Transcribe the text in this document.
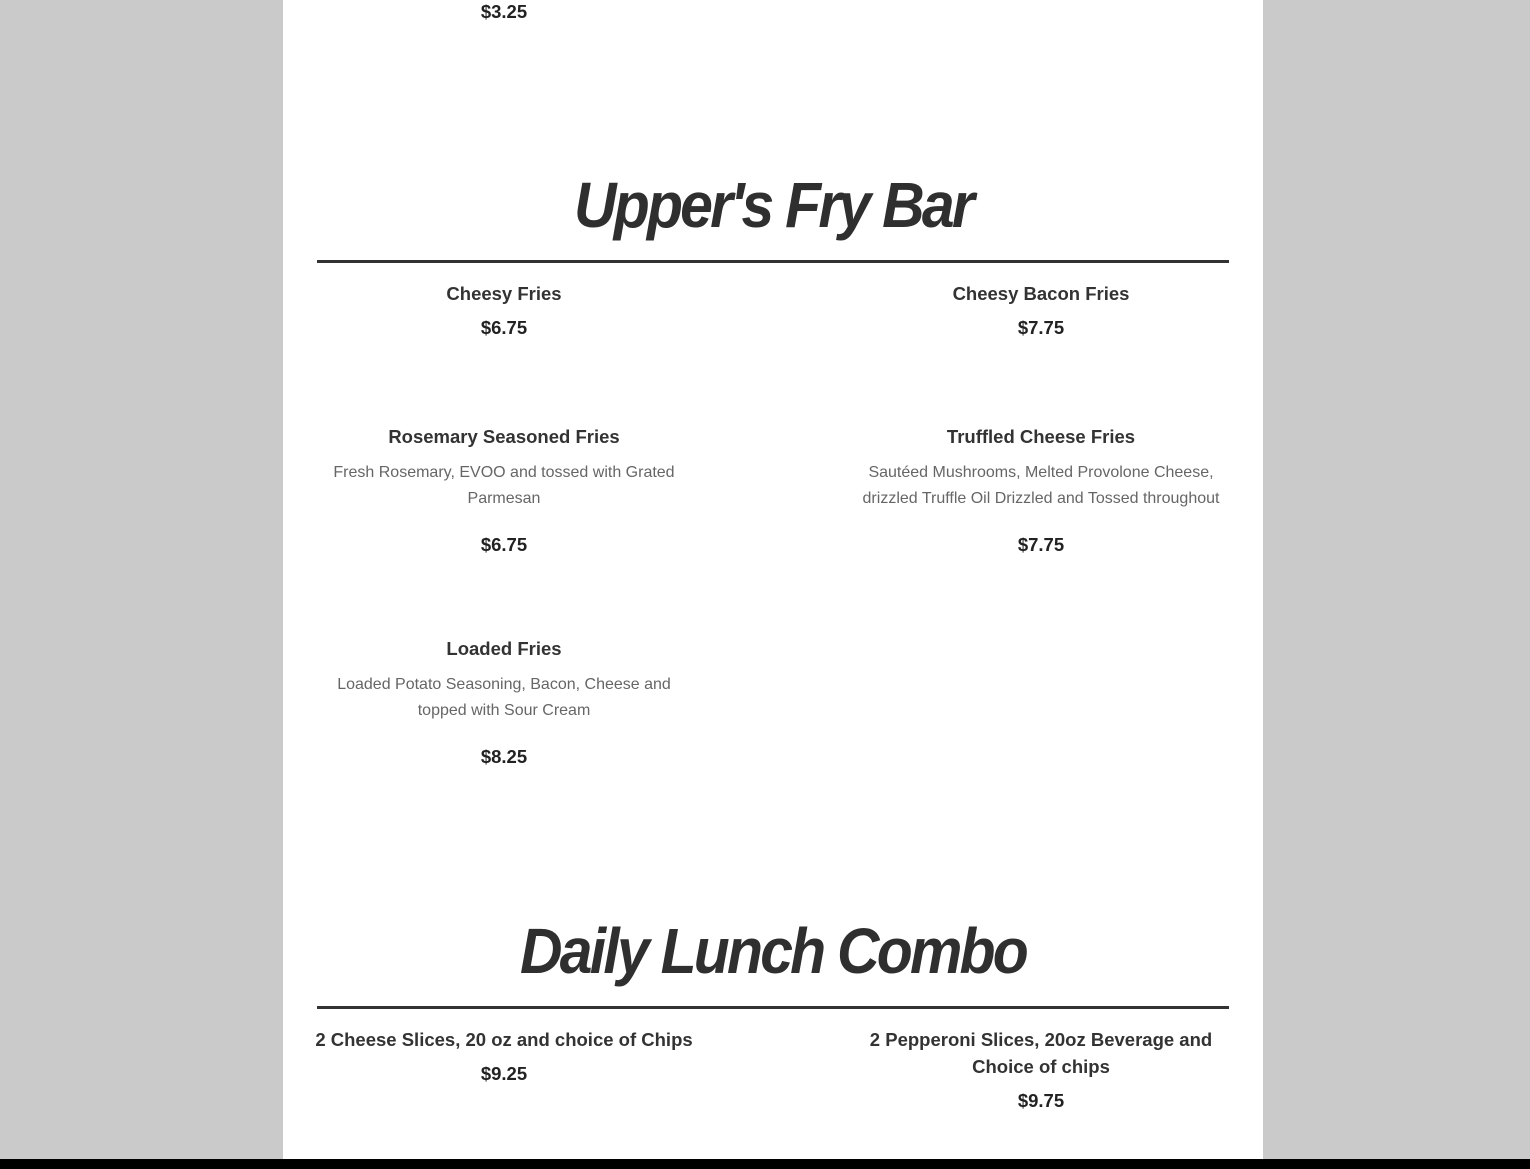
$3.25
Upper's Fry Bar
Cheesy Fries
$6.75
Cheesy Bacon Fries
$7.75
Rosemary Seasoned Fries
Fresh Rosemary, EVOO and tossed with Grated
Parmesan
$6.75
Truffled Cheese Fries
Sautéed Mushrooms, Melted Provolone Cheese,
drizzled Truffle Oil Drizzled and Tossed throughout
$7.75
Loaded Fries
Loaded Potato Seasoning, Bacon, Cheese and
topped with Sour Cream
$8.25
Daily Lunch Combo
2 Cheese Slices, 20 oz and choice of Chips
$9.25
2 Pepperoni Slices, 20oz Beverage and
Choice of chips
$9.75
